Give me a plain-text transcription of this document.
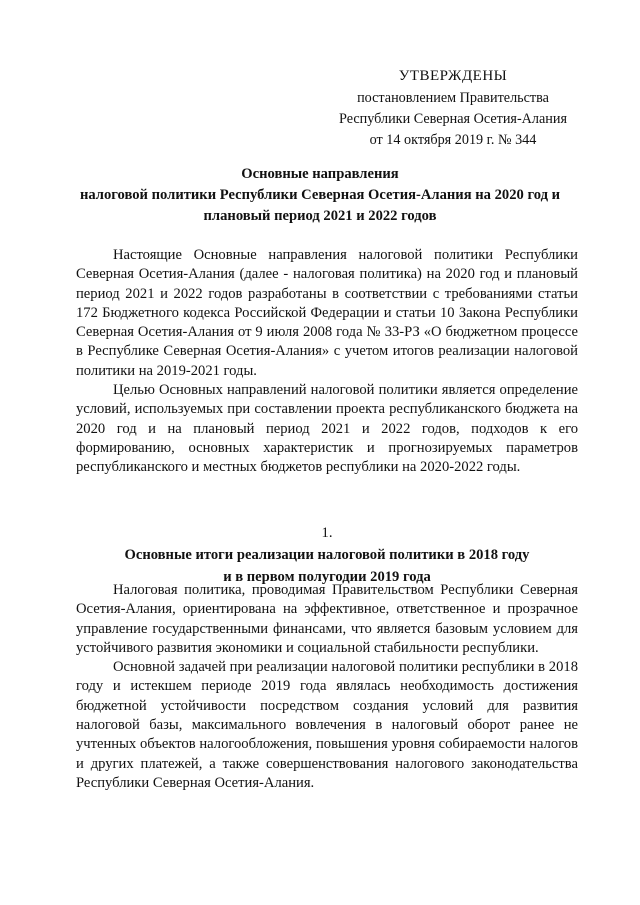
УТВЕРЖДЕНЫ
постановлением Правительства
Республики Северная Осетия-Алания
от 14 октября 2019 г. № 344
Основные направления
налоговой политики Республики Северная Осетия-Алания на 2020 год и
плановый период 2021 и 2022 годов

Настоящие Основные направления налоговой политики Республики Северная Осетия-Алания (далее - налоговая политика) на 2020 год и плановый период 2021 и 2022 годов разработаны в соответствии с требованиями статьи 172 Бюджетного кодекса Российской Федерации и статьи 10 Закона Республики Северная Осетия-Алания от 9 июля 2008 года № 33-РЗ «О бюджетном процессе в Республике Северная Осетия-Алания» с учетом итогов реализации налоговой политики на 2019-2021 годы.

Целью Основных направлений налоговой политики является определение условий, используемых при составлении проекта республиканского бюджета на 2020 год и на плановый период 2021 и 2022 годов, подходов к его формированию, основных характеристик и прогнозируемых параметров республиканского и местных бюджетов республики на 2020-2022 годы.

1.
Основные итоги реализации налоговой политики в 2018 году
и в первом полугодии 2019 года

Налоговая политика, проводимая Правительством Республики Северная Осетия-Алания, ориентирована на эффективное, ответственное и прозрачное управление государственными финансами, что является базовым условием для устойчивого развития экономики и социальной стабильности республики.

Основной задачей при реализации налоговой политики республики в 2018 году и истекшем периоде 2019 года являлась необходимость достижения бюджетной устойчивости посредством создания условий для развития налоговой базы, максимального вовлечения в налоговый оборот ранее не учтенных объектов налогообложения, повышения уровня собираемости налогов и других платежей, а также совершенствования налогового законодательства Республики Северная Осетия-Алания.
